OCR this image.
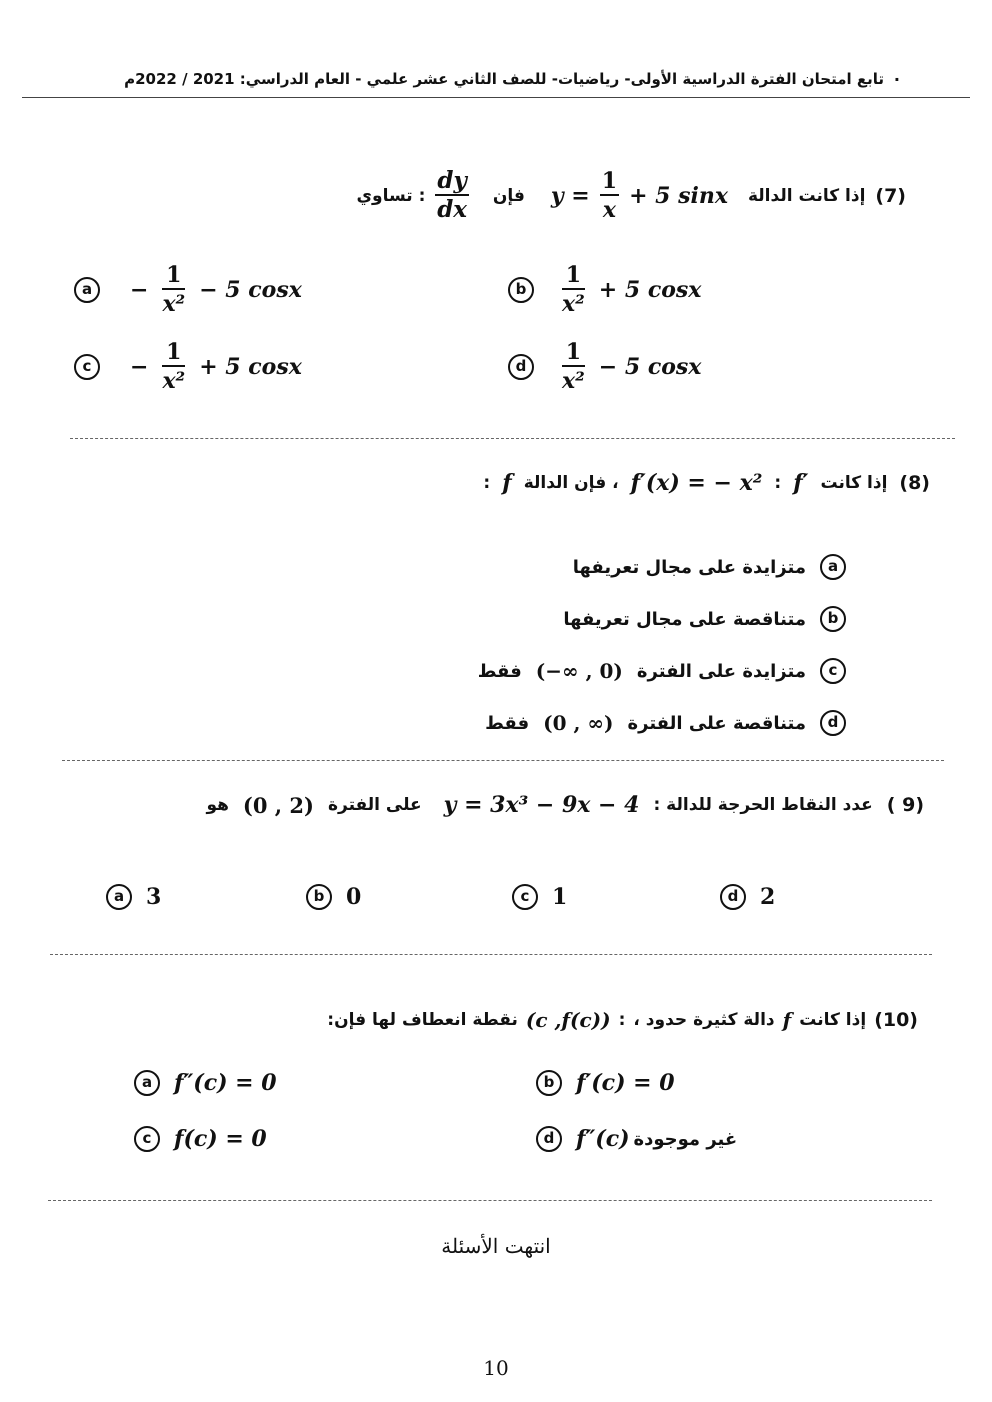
.
تابع امتحان الفترة الدراسية الأولى- رياضيات- للصف الثاني عشر علمي - العام الدراسي: 2021 / 2022م
تساوي : $\frac{dy}{dx}$ فإن $y = \frac{1}{x} + 5$ sinx إذا كانت الدالة (7)
a	− $\frac{1}{\text{x²}} - 5$ cosx	b	$\frac{1}{\text{x²}} + 5$ cosx
c	− $\frac{1}{\text{x²}} + 5$ cosx	d	$\frac{1}{\text{x²}} - 5$ cosx
: f ، فإن الدالة f′(x) = − x² : f′ إذا كانت (8)
متزايدة على مجال تعريفها	a
متناقصة على مجال تعريفها	b
فقط (−∞ , 0) متزايدة على الفترة	c
فقط (0 , ∞) متناقصة على الفترة	d
هو (0 , 2) على الفترة y = 3x³ − 9x − 4 عدد النقاط الحرجة للدالة : ( 9)
a 3	b 0	c	1	d 2
نقطة انعطاف لها فإن: (c ,f(c)) : دالة كثيرة حدود ، f إذا كانت (10)
a f″(c) = 0	b f′(c) = 0
c	f(c) = 0	d f″(c) غير موجودة
انتهت الأسئلة
10
